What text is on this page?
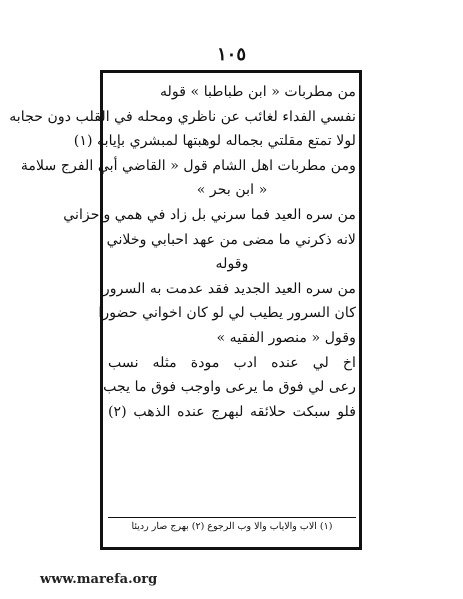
١٠٥
من مطربات « ابن طباطبا » قوله
نفسي الفداء لغائب عن ناظري ومحله في القلب دون حجابه
لولا تمتع مقلتي بجماله لوهبتها لمبشري بإيابه (١)
ومن مطربات اهل الشام قول « القاضي أبي الفرج سلامة
« ابن بحر »
من سره العيد فما سرني بل زاد في همي واحزاني
لانه ذكرني ما مضى من عهد احبابي وخلاني
وقوله
من سره العيد الجديد فقد عدمت به السرورا
كان السرور يطيب لي لو كان اخواني حضورا
وقول « منصور الفقيه »
اخ لي عنده ادب مودة مثله نسب
رعى لي فوق ما يرعى واوجب فوق ما يجب
فلو سبكت حلائقه لبهرج عنده الذهب (٢)
(١) الاب والاياب والا وب الرجوع (٢) بهرج صار رديئا
www.marefa.org
